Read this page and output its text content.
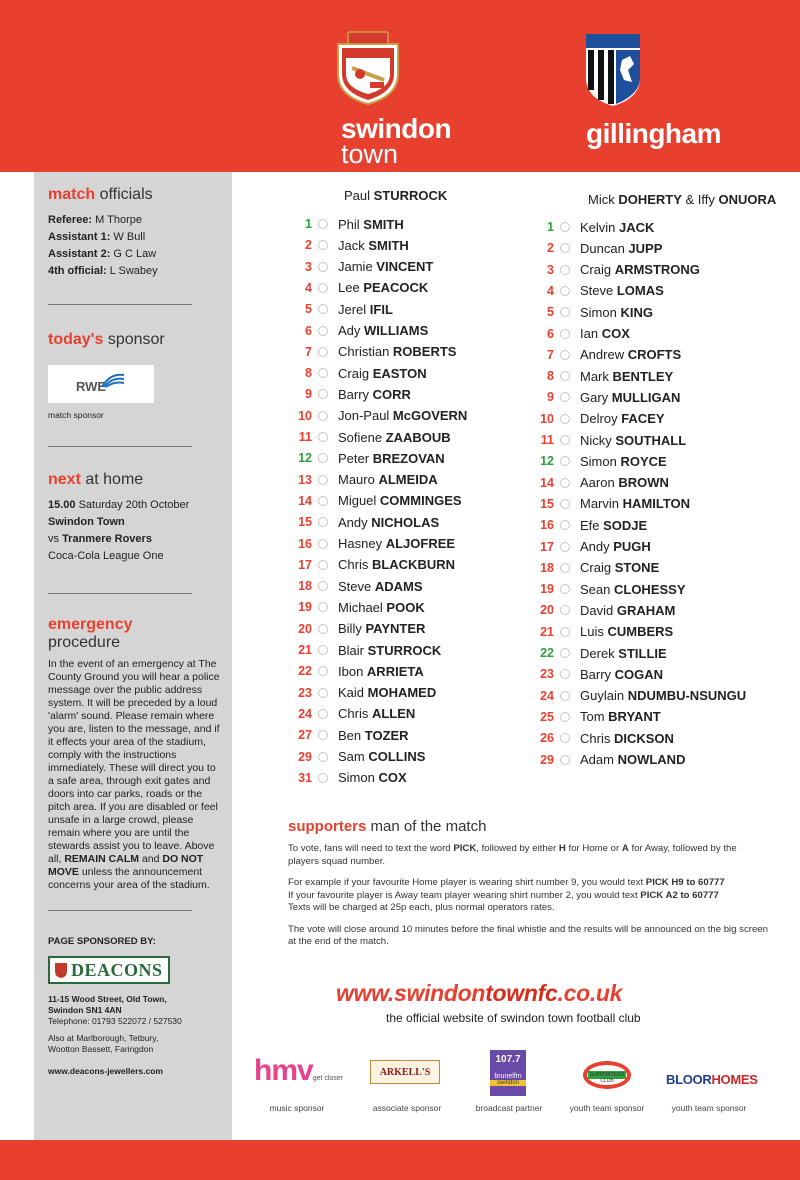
swindon
town
gillingham
match officials
Referee: M Thorpe
Assistant 1: W Bull
Assistant 2: G C Law
4th official: L Swabey
today's sponsor
RWE
match sponsor
next at home
15.00 Saturday 20th October
Swindon Town
vs Tranmere Rovers
Coca-Cola League One
emergency
procedure
In the event of an emergency at The County Ground you will hear a police message over the public address system. It will be preceded by a loud 'alarm' sound. Please remain where you are, listen to the message, and if it effects your area of the stadium, comply with the instructions immediately. These will direct you to a safe area, through exit gates and doors into car parks, roads or the pitch area. If you are disabled or feel unsafe in a large crowd, please remain where you are until the stewards assist you to leave. Above all, REMAIN CALM and DO NOT MOVE unless the announcement concerns your area of the stadium.
PAGE SPONSORED BY:
DEACONS
11-15 Wood Street, Old Town, Swindon SN1 4AN
Telephone: 01793 522072 / 527530
Also at Marlborough, Tetbury, Wootton Bassett, Faringdon
www.deacons-jewellers.com
Paul STURROCK	Mick DOHERTY & Iffy ONUORA
1 Phil SMITH
2 Jack SMITH
3 Jamie VINCENT
4 Lee PEACOCK
5 Jerel IFIL
6 Ady WILLIAMS
7 Christian ROBERTS
8 Craig EASTON
9 Barry CORR
10 Jon-Paul McGOVERN
11 Sofiene ZAABOUB
12 Peter BREZOVAN
13 Mauro ALMEIDA
14 Miguel COMMINGES
15 Andy NICHOLAS
16 Hasney ALJOFREE
17 Chris BLACKBURN
18 Steve ADAMS
19 Michael POOK
20 Billy PAYNTER
21 Blair STURROCK
22 Ibon ARRIETA
23 Kaid MOHAMED
24 Chris ALLEN
27 Ben TOZER
29 Sam COLLINS
31 Simon COX
1 Kelvin JACK
2 Duncan JUPP
3 Craig ARMSTRONG
4 Steve LOMAS
5 Simon KING
6 Ian COX
7 Andrew CROFTS
8 Mark BENTLEY
9 Gary MULLIGAN
10 Delroy FACEY
11 Nicky SOUTHALL
12 Simon ROYCE
14 Aaron BROWN
15 Marvin HAMILTON
16 Efe SODJE
17 Andy PUGH
18 Craig STONE
19 Sean CLOHESSY
20 David GRAHAM
21 Luis CUMBERS
22 Derek STILLIE
23 Barry COGAN
24 Guylain NDUMBU-NSUNGU
25 Tom BRYANT
26 Chris DICKSON
29 Adam NOWLAND
supporters man of the match

To vote, fans will need to text the word PICK, followed by either H for Home or A for Away, followed by the players squad number.

For example if your favourite Home player is wearing shirt number 9, you would text PICK H9 to 60777
If your favourite player is Away team player wearing shirt number 2, you would text PICK A2 to 60777
Texts will be charged at 25p each, plus normal operators rates.

The vote will close around 10 minutes before the final whistle and the results will be announced on the big screen at the end of the match.

www.swindontownfc.co.uk
the official website of swindon town football club
hmvget closer
music sponsor
ARKELL'S
associate sponsor
107.7
brunelfm
swindon
broadcast partner
SUPPORTERS CLUB
youth team sponsor
BLOORHOMES
youth team sponsor
